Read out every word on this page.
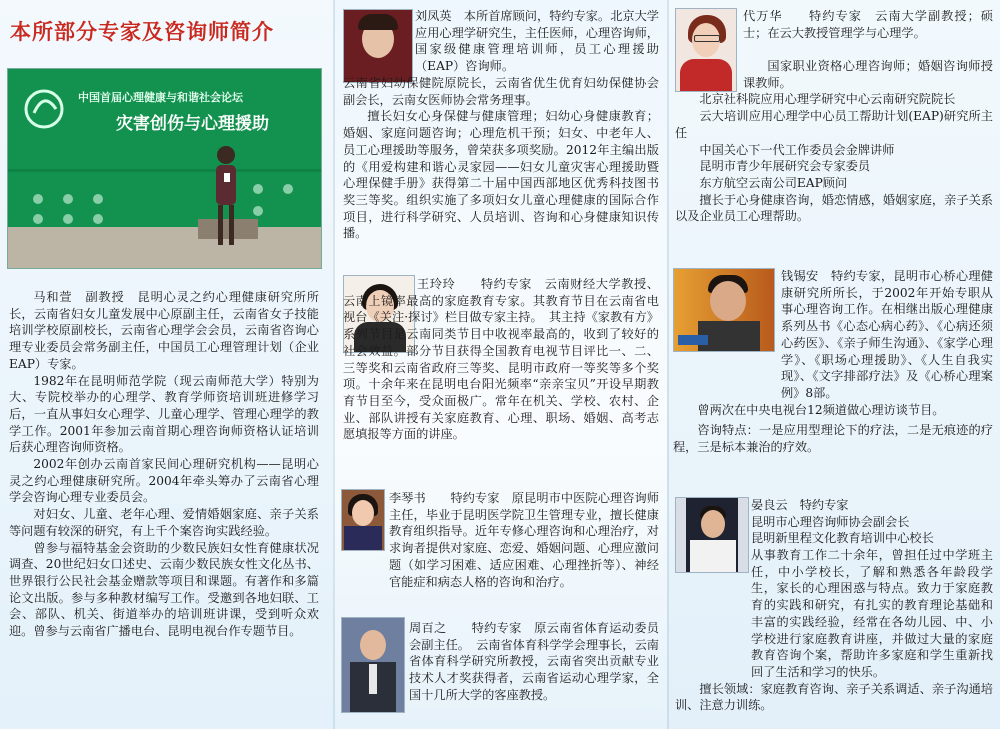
本所部分专家及咨询师简介
中国首届心理健康与和谐社会论坛
灾害创伤与心理援助

马和萱　副教授　昆明心灵之约心理健康研究所所长，云南省妇女儿童发展中心原副主任，云南省女子技能培训学校原副校长，云南省心理学会会员，云南省咨询心理专业委员会常务副主任，中国员工心理管理计划（企业EAP）专家。

1982年在昆明师范学院（现云南师范大学）特别为大、专院校举办的心理学、教育学师资培训班进修学习后，一直从事妇女心理学、儿童心理学、管理心理学的教学工作。2001年参加云南首期心理咨询师资格认证培训后获心理咨询师资格。

2002年创办云南首家民间心理研究机构——昆明心灵之约心理健康研究所。2004年牵头筹办了云南省心理学会咨询心理专业委员会。

对妇女、儿童、老年心理、爱情婚姻家庭、亲子关系等问题有较深的研究，有上千个案咨询实践经验。

曾参与福特基金会资助的少数民族妇女性育健康状况调查、20世纪妇女口述史、云南少数民族女性文化丛书、世界银行公民社会基金赠款等项目和课题。有著作和多篇论文出版。参与多种教材编写工作。受邀到各地妇联、工会、部队、机关、街道举办的培训班讲课，受到听众欢迎。曾参与云南省广播电台、昆明电视台作专题节目。

刘凤英　本所首席顾问，特约专家。北京大学应用心理学研究生，主任医师，心理咨询师，国家级健康管理培训师，员工心理援助（EAP）咨询师。

云南省妇幼保健院原院长，云南省优生优育妇幼保健协会副会长，云南女医师协会常务理事。

擅长妇女心身保健与健康管理；妇幼心身健康教育；婚姻、家庭问题咨询；心理危机干预；妇女、中老年人、员工心理援助等服务，曾荣获多项奖励。2012年主编出版的《用爱构建和谐心灵家园——妇女儿童灾害心理援助暨心理保健手册》获得第二十届中国西部地区优秀科技图书奖三等奖。组织实施了多项妇女儿童心理健康的国际合作项目，进行科学研究、人员培训、咨询和心身健康知识传播。

王玲玲　　特约专家　云南财经大学教授、云南上镜率最高的家庭教育专家。其教育节目在云南省电视台《关注·探讨》栏目做专家主持。　其主持《家教有方》系列节目是云南同类节目中收视率最高的，收到了较好的社会效益。部分节目获得全国教育电视节目评比一、二、三等奖和云南省政府三等奖、昆明市政府一等奖等多个奖项。十余年来在昆明电台阳光频率“亲亲宝贝”开设早期教育节目至今，受众面极广。常年在机关、学校、农村、企业、部队讲授有关家庭教育、心理、职场、婚姻、高考志愿填报等方面的讲座。

李琴书　　特约专家　原昆明市中医院心理咨询师主任，毕业于昆明医学院卫生管理专业，擅长健康教育组织指导。近年专修心理咨询和心理治疗，对求询者提供对家庭、恋爱、婚姻问题、心理应激问题（如学习困难、适应困难、心理挫折等）、神经官能症和病态人格的咨询和治疗。

周百之　　特约专家　原云南省体育运动委员会副主任。　云南省体育科学学会理事长，云南省体育科学研究所教授，云南省突出贡献专业技术人才奖获得者，云南省运动心理学家，全国十几所大学的客座教授。

代万华　　特约专家　云南大学副教授；硕士；在云大教授管理学与心理学。

国家职业资格心理咨询师；婚姻咨询师授课教师。

北京社科院应用心理学研究中心云南研究院院长

云大培训应用心理学中心员工帮助计划(EAP)研究所主任

中国关心下一代工作委员会金牌讲师

昆明市青少年展研究会专家委员

东方航空云南公司EAP顾问

擅长于心身健康咨询，婚恋情感，婚姻家庭，亲子关系以及企业员工心理帮助。

钱锡安　特约专家，昆明市心桥心理健康研究所所长，于2002年开始专职从事心理咨询工作。在相继出版心理健康系列丛书《心态心病心药》、《心病还须心药医》、《亲子师生沟通》、《家学心理学》、《职场心理援助》、《人生自我实现》、《文字排部疗法》及《心桥心理案例》8部。

曾两次在中央电视台12频道做心理访谈节目。

咨询特点：一是应用型理论下的疗法，二是无痕迹的疗程，三是标本兼治的疗效。

晏良云　特约专家

昆明市心理咨询师协会副会长

昆明新里程文化教育培训中心校长

从事教育工作二十余年，曾担任过中学班主任，中小学校长，了解和熟悉各年龄段学生，家长的心理困惑与特点。致力于家庭教育的实践和研究，有扎实的教育理论基础和丰富的实践经验，经常在各幼儿园、中、小学校进行家庭教育讲座，并做过大量的家庭教育咨询个案，帮助许多家庭和学生重新找回了生活和学习的快乐。

擅长领域：家庭教育咨询、亲子关系调适、亲子沟通培训、注意力训练。
